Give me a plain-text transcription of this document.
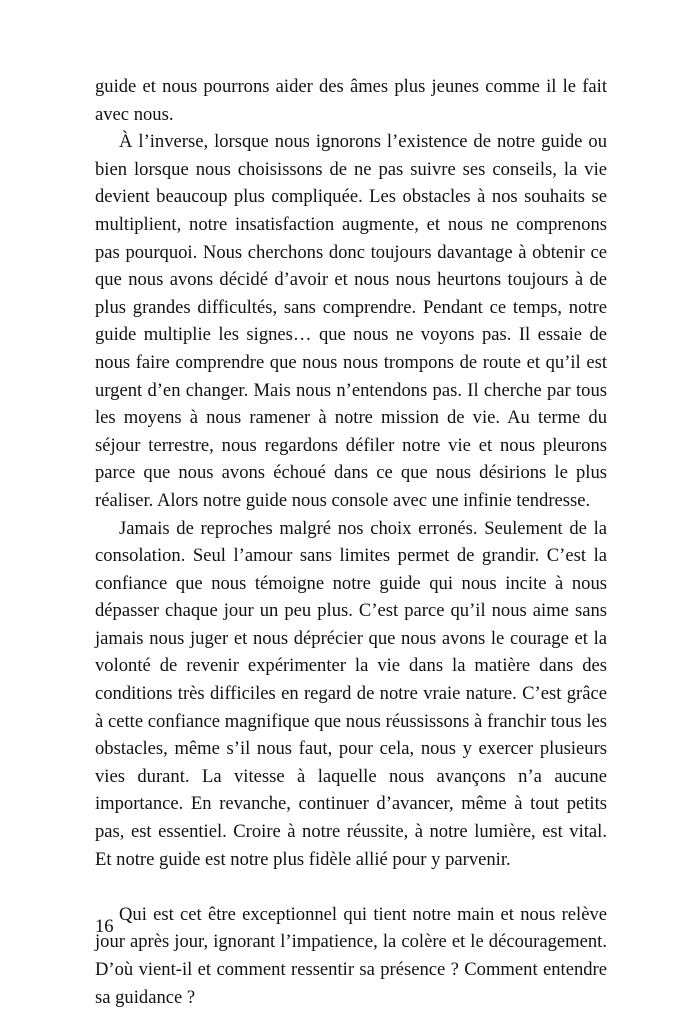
guide et nous pourrons aider des âmes plus jeunes comme il le fait avec nous.

À l’inverse, lorsque nous ignorons l’existence de notre guide ou bien lorsque nous choisissons de ne pas suivre ses conseils, la vie devient beaucoup plus compliquée. Les obstacles à nos souhaits se multiplient, notre insatisfaction augmente, et nous ne comprenons pas pourquoi. Nous cherchons donc toujours davantage à obtenir ce que nous avons décidé d’avoir et nous nous heurtons toujours à de plus grandes difficultés, sans comprendre. Pendant ce temps, notre guide multiplie les signes… que nous ne voyons pas. Il essaie de nous faire comprendre que nous nous trompons de route et qu’il est urgent d’en changer. Mais nous n’entendons pas. Il cherche par tous les moyens à nous ramener à notre mission de vie. Au terme du séjour terrestre, nous regardons défiler notre vie et nous pleurons parce que nous avons échoué dans ce que nous désirions le plus réaliser. Alors notre guide nous console avec une infinie tendresse.

Jamais de reproches malgré nos choix erronés. Seulement de la consolation. Seul l’amour sans limites permet de grandir. C’est la confiance que nous témoigne notre guide qui nous incite à nous dépasser chaque jour un peu plus. C’est parce qu’il nous aime sans jamais nous juger et nous déprécier que nous avons le courage et la volonté de revenir expérimenter la vie dans la matière dans des conditions très difficiles en regard de notre vraie nature. C’est grâce à cette confiance magnifique que nous réussissons à franchir tous les obstacles, même s’il nous faut, pour cela, nous y exercer plusieurs vies durant. La vitesse à laquelle nous avançons n’a aucune importance. En revanche, continuer d’avancer, même à tout petits pas, est essentiel. Croire à notre réussite, à notre lumière, est vital. Et notre guide est notre plus fidèle allié pour y parvenir.

Qui est cet être exceptionnel qui tient notre main et nous relève jour après jour, ignorant l’impatience, la colère et le découragement. D’où vient-il et comment ressentir sa présence ? Comment entendre sa guidance ?

16
